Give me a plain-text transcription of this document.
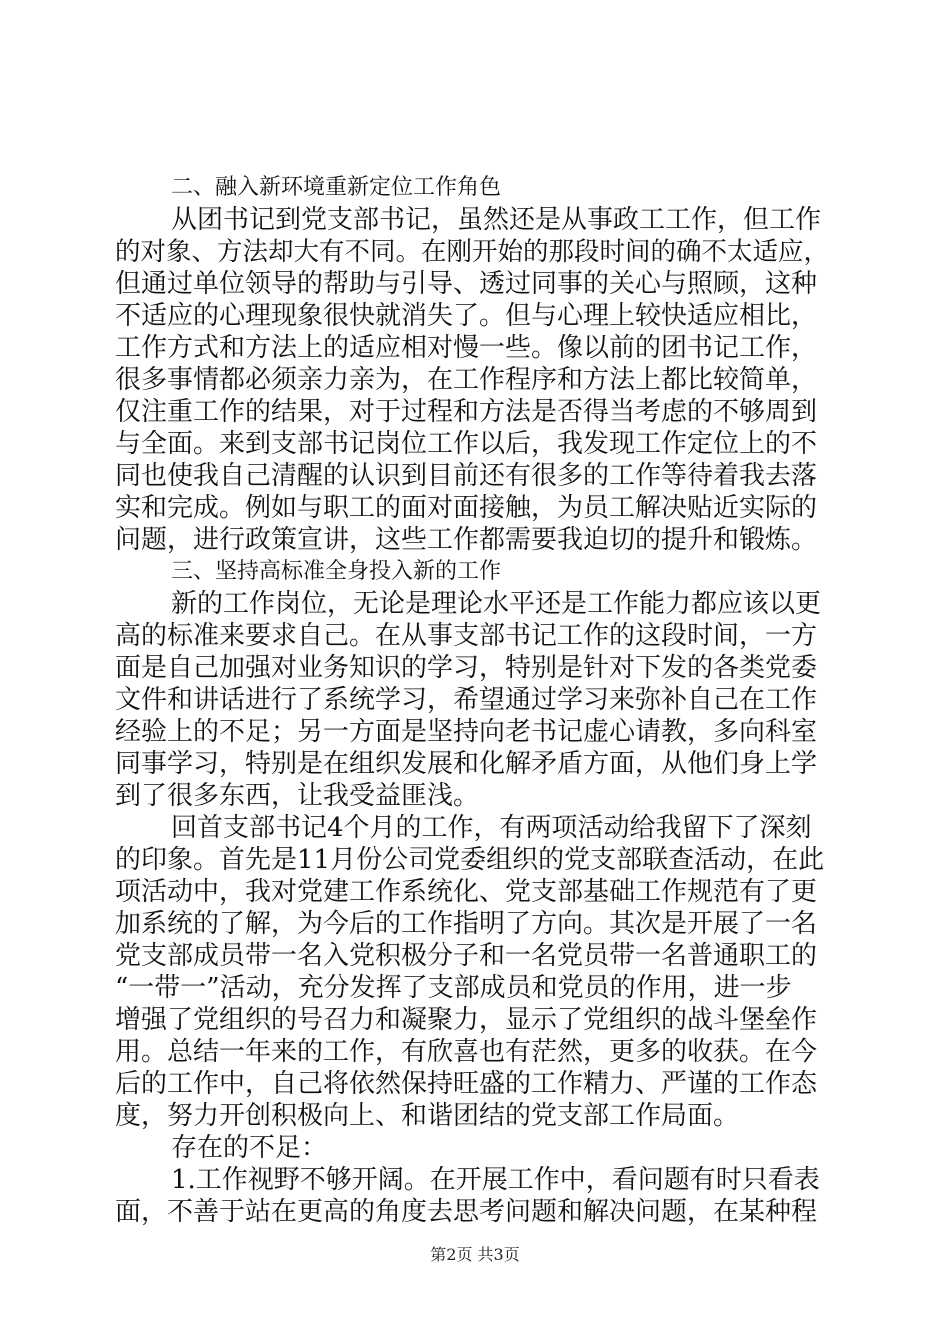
二、融入新环境重新定位工作角色
从团书记到党支部书记，虽然还是从事政工工作，但工作
的对象、方法却大有不同。在刚开始的那段时间的确不太适应，
但通过单位领导的帮助与引导、透过同事的关心与照顾，这种
不适应的心理现象很快就消失了。但与心理上较快适应相比，
工作方式和方法上的适应相对慢一些。像以前的团书记工作，
很多事情都必须亲力亲为，在工作程序和方法上都比较简单，
仅注重工作的结果，对于过程和方法是否得当考虑的不够周到
与全面。来到支部书记岗位工作以后，我发现工作定位上的不
同也使我自己清醒的认识到目前还有很多的工作等待着我去落
实和完成。例如与职工的面对面接触，为员工解决贴近实际的
问题，进行政策宣讲，这些工作都需要我迫切的提升和锻炼。
三、坚持高标准全身投入新的工作
新的工作岗位，无论是理论水平还是工作能力都应该以更
高的标准来要求自己。在从事支部书记工作的这段时间，一方
面是自己加强对业务知识的学习，特别是针对下发的各类党委
文件和讲话进行了系统学习，希望通过学习来弥补自己在工作
经验上的不足；另一方面是坚持向老书记虚心请教，多向科室
同事学习，特别是在组织发展和化解矛盾方面，从他们身上学
到了很多东西，让我受益匪浅。
回首支部书记4个月的工作，有两项活动给我留下了深刻
的印象。首先是11月份公司党委组织的党支部联查活动，在此
项活动中，我对党建工作系统化、党支部基础工作规范有了更
加系统的了解，为今后的工作指明了方向。其次是开展了一名
党支部成员带一名入党积极分子和一名党员带一名普通职工的
“一带一”活动，充分发挥了支部成员和党员的作用，进一步
增强了党组织的号召力和凝聚力，显示了党组织的战斗堡垒作
用。总结一年来的工作，有欣喜也有茫然，更多的收获。在今
后的工作中，自己将依然保持旺盛的工作精力、严谨的工作态
度，努力开创积极向上、和谐团结的党支部工作局面。
存在的不足：
1.工作视野不够开阔。在开展工作中，看问题有时只看表
面，不善于站在更高的角度去思考问题和解决问题，在某种程
第2页 共3页
